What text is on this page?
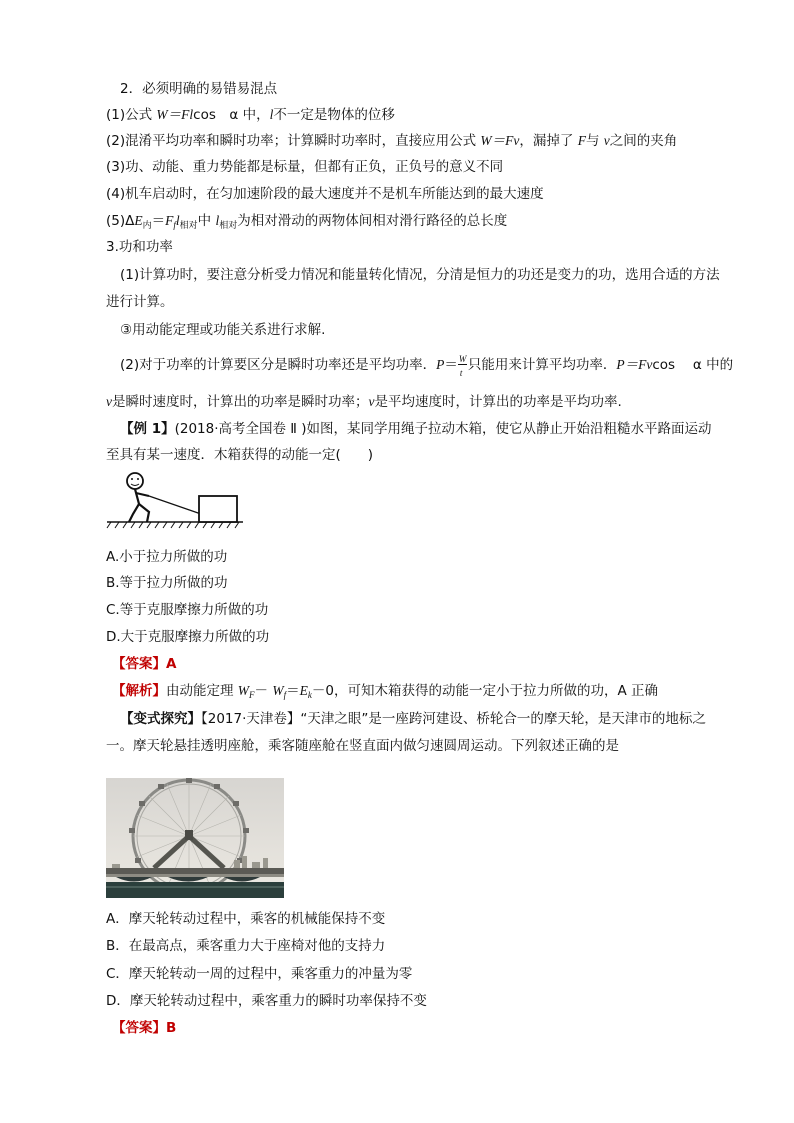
2．必须明确的易错易混点
(1)公式 W＝Flcos　α 中，l不一定是物体的位移
(2)混淆平均功率和瞬时功率；计算瞬时功率时，直接应用公式 W＝Fv，漏掉了 F与 v之间的夹角
(3)功、动能、重力势能都是标量，但都有正负，正负号的意义不同
(4)机车启动时，在匀加速阶段的最大速度并不是机车所能达到的最大速度
$(5)\Delta E_内=F_fl_{相对}$中 $l_{相对}$为相对滑动的两物体间相对滑行路径的总长度
3.功和功率
(1)计算功时，要注意分析受力情况和能量转化情况，分清是恒力的功还是变力的功，选用合适的方法
进行计算。
③用动能定理或功能关系进行求解.
(2)对于功率的计算要区分是瞬时功率还是平均功率．$P= \frac{W}{t}$ 只能用来计算平均功率．P＝Fvcos　 α 中的
v是瞬时速度时，计算出的功率是瞬时功率；v是平均速度时，计算出的功率是平均功率.
【例 1】(2018·高考全国卷 Ⅱ )如图，某同学用绳子拉动木箱，使它从静止开始沿粗糙水平路面运动
至具有某一速度．木箱获得的动能一定(　　)
A.小于拉力所做的功
B.等于拉力所做的功
C.等于克服摩擦力所做的功
D.大于克服摩擦力所做的功
【答案】A
【解析】由动能定理 $W_F- W_f=E_k-0$，可知木箱获得的动能一定小于拉力所做的功，A 正确
【变式探究】【2017·天津卷】“天津之眼”是一座跨河建设、桥轮合一的摩天轮，是天津市的地标之
一。摩天轮悬挂透明座舱，乘客随座舱在竖直面内做匀速圆周运动。下列叙述正确的是
A．摩天轮转动过程中，乘客的机械能保持不变
B．在最高点，乘客重力大于座椅对他的支持力
C．摩天轮转动一周的过程中，乘客重力的冲量为零
D．摩天轮转动过程中，乘客重力的瞬时功率保持不变
【答案】B
